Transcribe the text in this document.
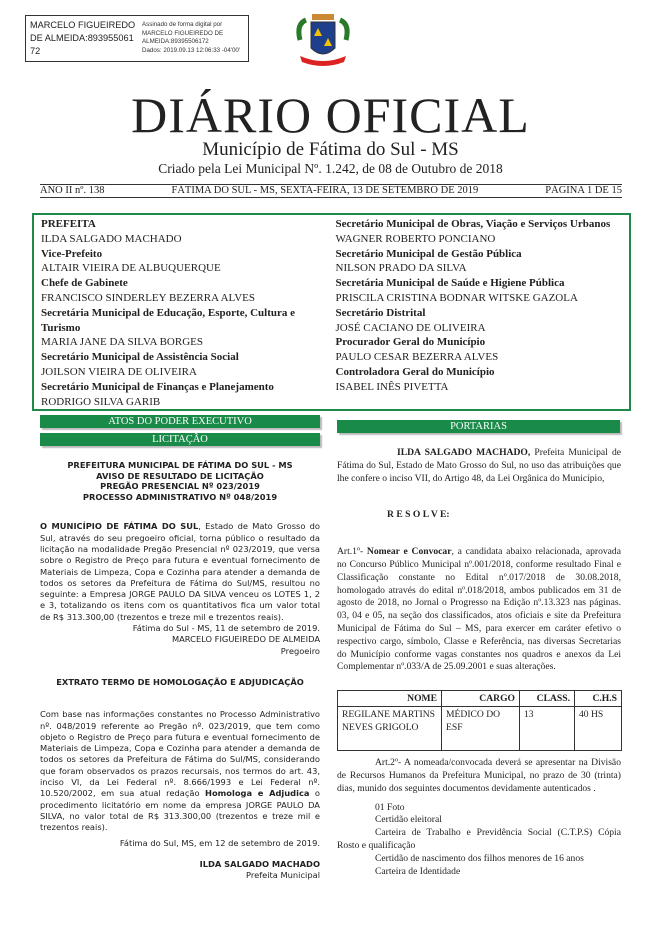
MARCELO FIGUEIREDO DE ALMEIDA:89395506172
Assinado de forma digital por
MARCELO FIGUEIREDO DE
ALMEIDA:89395506172
Dados: 2019.09.13 12:06:33 -04'00'
DIÁRIO OFICIAL
Município de Fátima do Sul - MS
Criado pela Lei Municipal Nº. 1.242, de 08 de Outubro de 2018
ANO II nº. 138	FÁTIMA DO SUL - MS, SEXTA-FEIRA, 13 DE SETEMBRO DE 2019	PÁGINA 1 DE 15
PREFEITA
ILDA SALGADO MACHADO
Vice-Prefeito
ALTAIR VIEIRA DE ALBUQUERQUE
Chefe de Gabinete
FRANCISCO SINDERLEY BEZERRA ALVES
Secretária Municipal de Educação, Esporte, Cultura e Turismo
MARIA JANE DA SILVA BORGES
Secretário Municipal de Assistência Social
JOILSON VIEIRA DE OLIVEIRA
Secretário Municipal de Finanças e Planejamento
RODRIGO SILVA GARIB
Secretário Municipal de Obras, Viação e Serviços Urbanos
WAGNER ROBERTO PONCIANO
Secretário Municipal de Gestão Pública
NILSON PRADO DA SILVA
Secretária Municipal de Saúde e Higiene Pública
PRISCILA CRISTINA BODNAR WITSKE GAZOLA
Secretário Distrital
JOSÉ CACIANO DE OLIVEIRA
Procurador Geral do Município
PAULO CESAR BEZERRA ALVES
Controladora Geral do Município
ISABEL INÊS PIVETTA
ATOS DO PODER EXECUTIVO
LICITAÇÃO
PORTARIAS
PREFEITURA MUNICIPAL DE FÁTIMA DO SUL - MS
AVISO DE RESULTADO DE LICITAÇÃO
PREGÃO PRESENCIAL Nº 023/2019
PROCESSO ADMINISTRATIVO Nº 048/2019
O MUNICÍPIO DE FÁTIMA DO SUL, Estado de Mato Grosso do Sul, através do seu pregoeiro oficial, torna público o resultado da licitação na modalidade Pregão Presencial nº 023/2019, que versa sobre o Registro de Preço para futura e eventual fornecimento de Materiais de Limpeza, Copa e Cozinha para atender a demanda de todos os setores da Prefeitura de Fátima do Sul/MS, resultou no seguinte: a Empresa JORGE PAULO DA SILVA venceu os LOTES 1, 2 e 3, totalizando os itens com os quantitativos fica um valor total de R$ 313.300,00 (trezentos e treze mil e trezentos reais).
Fátima do Sul - MS, 11 de setembro de 2019.
MARCELO FIGUEIREDO DE ALMEIDA
Pregoeiro
EXTRATO TERMO DE HOMOLOGAÇÃO E ADJUDICAÇÃO
Com base nas informações constantes no Processo Administrativo nº. 048/2019 referente ao Pregão nº. 023/2019, que tem como objeto o Registro de Preço para futura e eventual fornecimento de Materiais de Limpeza, Copa e Cozinha para atender a demanda de todos os setores da Prefeitura de Fátima do Sul/MS, considerando que foram observados os prazos recursais, nos termos do art. 43, inciso VI, da Lei Federal nº. 8.666/1993 e Lei Federal nº. 10.520/2002, em sua atual redação Homologa e Adjudica o procedimento licitatório em nome da empresa JORGE PAULO DA SILVA, no valor total de R$ 313.300,00 (trezentos e treze mil e trezentos reais).
Fátima do Sul, MS, em 12 de setembro de 2019.
ILDA SALGADO MACHADO
Prefeita Municipal
ILDA SALGADO MACHADO, Prefeita Municipal de Fátima do Sul, Estado de Mato Grosso do Sul, no uso das atribuições que lhe confere o inciso VII, do Artigo 48, da Lei Orgânica do Município,
R E S O L V E:
Art.1º- Nomear e Convocar, a candidata abaixo relacionada, aprovada no Concurso Público Municipal nº.001/2018, conforme resultado Final e Classificação constante no Edital nº.017/2018 de 30.08.2018, homologado através do edital nº.018/2018, ambos publicados em 31 de agosto de 2018, no Jornal o Progresso na Edição nº.13.323 nas páginas. 03, 04 e 05, na seção dos classificados, atos oficiais e site da Prefeitura Municipal de Fátima do Sul – MS, para exercer em caráter efetivo o respectivo cargo, símbolo, Classe e Referência, nas diversas Secretarias do Município conforme vagas constantes nos quadros e anexos da Lei Complementar nº.033/A de 25.09.2001 e suas alterações.
NOME	CARGO	CLASS.	C.H.S
REGILANE MARTINS NEVES GRIGOLO	MÉDICO DO ESF	13	40 HS
Art.2º- A nomeada/convocada deverá se apresentar na Divisão de Recursos Humanos da Prefeitura Municipal, no prazo de 30 (trinta) dias, munido dos seguintes documentos devidamente autenticados .
01 Foto
Certidão eleitoral
Carteira de Trabalho e Previdência Social (C.T.P.S) Cópia Rosto e qualificação
Certidão de nascimento dos filhos menores de 16 anos
Carteira de Identidade
